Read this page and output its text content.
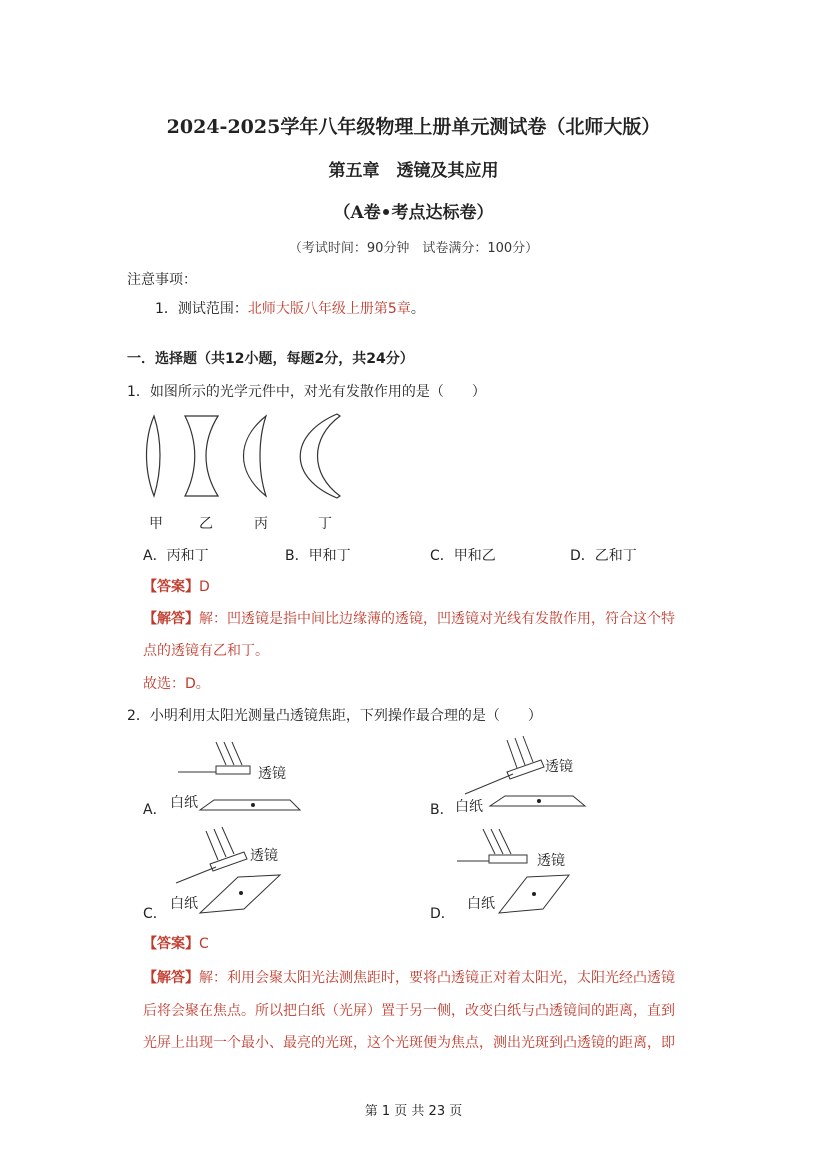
2024-2025学年八年级物理上册单元测试卷（北师大版）
第五章　透镜及其应用
（A卷•考点达标卷）
（考试时间：90分钟　试卷满分：100分）
注意事项：
1．测试范围：北师大版八年级上册第5章。
一．选择题（共12小题，每题2分，共24分）
1．如图所示的光学元件中，对光有发散作用的是（　　）
甲	乙	丙	丁
A．丙和丁	B．甲和丁	C．甲和乙	D．乙和丁
【答案】D
【解答】解：凹透镜是指中间比边缘薄的透镜，凹透镜对光线有发散作用，符合这个特
点的透镜有乙和丁。
故选：D。
2．小明利用太阳光测量凸透镜焦距，下列操作最合理的是（　　）
透镜
白纸
A．
透镜
白纸
B．
透镜
白纸
C．
透镜
白纸
D．
【答案】C
【解答】解：利用会聚太阳光法测焦距时，要将凸透镜正对着太阳光，太阳光经凸透镜
后将会聚在焦点。所以把白纸（光屏）置于另一侧，改变白纸与凸透镜间的距离，直到
光屏上出现一个最小、最亮的光斑，这个光斑便为焦点，测出光斑到凸透镜的距离，即
第 1 页 共 23 页
